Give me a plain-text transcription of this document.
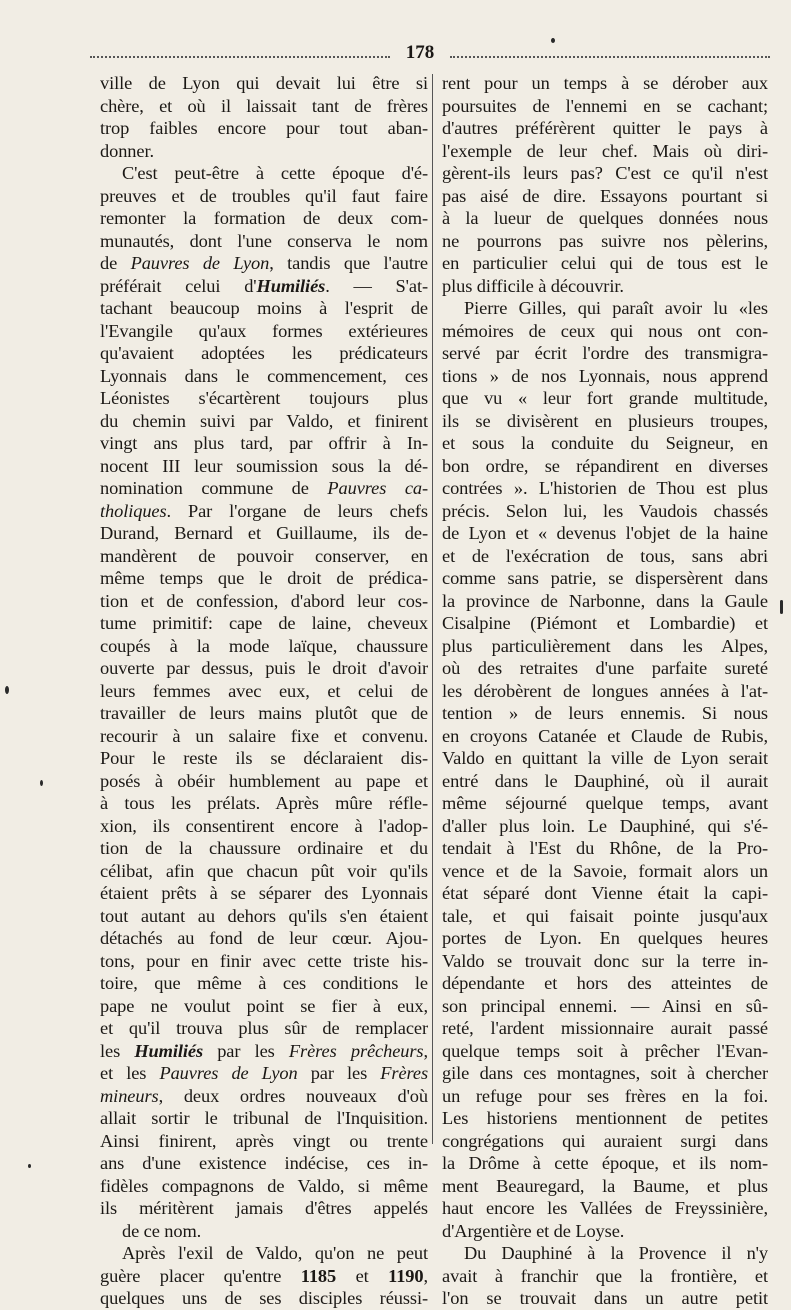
178
ville de Lyon qui devait lui être si
chère, et où il laissait tant de frères
trop faibles encore pour tout aban-
donner.
C'est peut-être à cette époque d'é-
preuves et de troubles qu'il faut faire
remonter la formation de deux com-
munautés, dont l'une conserva le nom
de Pauvres de Lyon, tandis que l'autre
préférait celui d'Humiliés. — S'at-
tachant beaucoup moins à l'esprit de
l'Evangile qu'aux formes extérieures
qu'avaient adoptées les prédicateurs
Lyonnais dans le commencement, ces
Léonistes s'écartèrent toujours plus
du chemin suivi par Valdo, et finirent
vingt ans plus tard, par offrir à In-
nocent III leur soumission sous la dé-
nomination commune de Pauvres ca-
tholiques. Par l'organe de leurs chefs
Durand, Bernard et Guillaume, ils de-
mandèrent de pouvoir conserver, en
même temps que le droit de prédica-
tion et de confession, d'abord leur cos-
tume primitif: cape de laine, cheveux
coupés à la mode laïque, chaussure
ouverte par dessus, puis le droit d'avoir
leurs femmes avec eux, et celui de
travailler de leurs mains plutôt que de
recourir à un salaire fixe et convenu.
Pour le reste ils se déclaraient dis-
posés à obéir humblement au pape et
à tous les prélats. Après mûre réfle-
xion, ils consentirent encore à l'adop-
tion de la chaussure ordinaire et du
célibat, afin que chacun pût voir qu'ils
étaient prêts à se séparer des Lyonnais
tout autant au dehors qu'ils s'en étaient
détachés au fond de leur cœur. Ajou-
tons, pour en finir avec cette triste his-
toire, que même à ces conditions le
pape ne voulut point se fier à eux,
et qu'il trouva plus sûr de remplacer
les Humiliés par les Frères prêcheurs,
et les Pauvres de Lyon par les Frères
mineurs, deux ordres nouveaux d'où
allait sortir le tribunal de l'Inquisition.
Ainsi finirent, après vingt ou trente
ans d'une existence indécise, ces in-
fidèles compagnons de Valdo, si même
ils méritèrent jamais d'êtres appelés
de ce nom.
Après l'exil de Valdo, qu'on ne peut
guère placer qu'entre 1185 et 1190,
quelques uns de ses disciples réussi-
rent pour un temps à se dérober aux
poursuites de l'ennemi en se cachant;
d'autres préférèrent quitter le pays à
l'exemple de leur chef. Mais où diri-
gèrent-ils leurs pas? C'est ce qu'il n'est
pas aisé de dire. Essayons pourtant si
à la lueur de quelques données nous
ne pourrons pas suivre nos pèlerins,
en particulier celui qui de tous est le
plus difficile à découvrir.
Pierre Gilles, qui paraît avoir lu «les
mémoires de ceux qui nous ont con-
servé par écrit l'ordre des transmigra-
tions » de nos Lyonnais, nous apprend
que vu « leur fort grande multitude,
ils se divisèrent en plusieurs troupes,
et sous la conduite du Seigneur, en
bon ordre, se répandirent en diverses
contrées ». L'historien de Thou est plus
précis. Selon lui, les Vaudois chassés
de Lyon et « devenus l'objet de la haine
et de l'exécration de tous, sans abri
comme sans patrie, se dispersèrent dans
la province de Narbonne, dans la Gaule
Cisalpine (Piémont et Lombardie) et
plus particulièrement dans les Alpes,
où des retraites d'une parfaite sureté
les dérobèrent de longues années à l'at-
tention » de leurs ennemis. Si nous
en croyons Catanée et Claude de Rubis,
Valdo en quittant la ville de Lyon serait
entré dans le Dauphiné, où il aurait
même séjourné quelque temps, avant
d'aller plus loin. Le Dauphiné, qui s'é-
tendait à l'Est du Rhône, de la Pro-
vence et de la Savoie, formait alors un
état séparé dont Vienne était la capi-
tale, et qui faisait pointe jusqu'aux
portes de Lyon. En quelques heures
Valdo se trouvait donc sur la terre in-
dépendante et hors des atteintes de
son principal ennemi. — Ainsi en sû-
reté, l'ardent missionnaire aurait passé
quelque temps soit à prêcher l'Evan-
gile dans ces montagnes, soit à chercher
un refuge pour ses frères en la foi.
Les historiens mentionnent de petites
congrégations qui auraient surgi dans
la Drôme à cette époque, et ils nom-
ment Beauregard, la Baume, et plus
haut encore les Vallées de Freyssinière,
d'Argentière et de Loyse.
Du Dauphiné à la Provence il n'y
avait à franchir que la frontière, et
l'on se trouvait dans un autre petit
